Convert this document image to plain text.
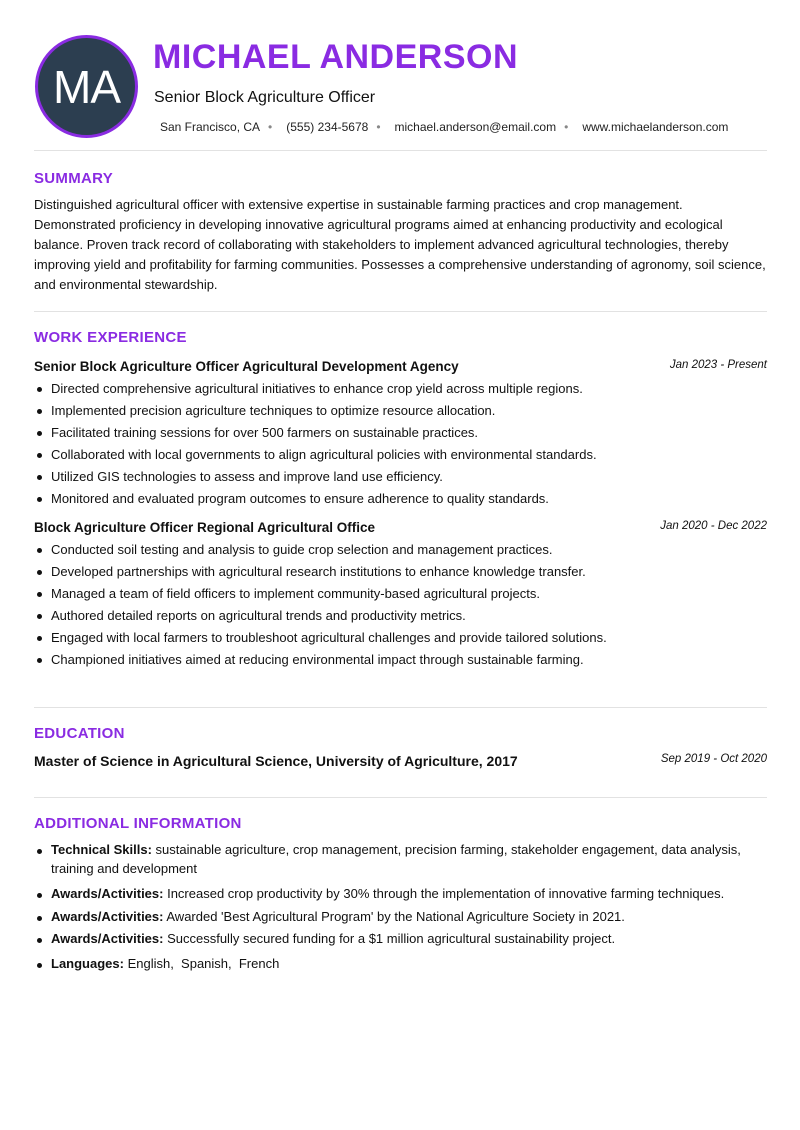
MA
MICHAEL ANDERSON
Senior Block Agriculture Officer
San Francisco, CA • (555) 234-5678 • michael.anderson@email.com • www.michaelanderson.com
SUMMARY

Distinguished agricultural officer with extensive expertise in sustainable farming practices and crop management. Demonstrated proficiency in developing innovative agricultural programs aimed at enhancing productivity and ecological balance. Proven track record of collaborating with stakeholders to implement advanced agricultural technologies, thereby improving yield and profitability for farming communities. Possesses a comprehensive understanding of agronomy, soil science, and environmental stewardship.

WORK EXPERIENCE
Senior Block Agriculture Officer Agricultural Development Agency	Jan 2023 - Present
Directed comprehensive agricultural initiatives to enhance crop yield across multiple regions.
Implemented precision agriculture techniques to optimize resource allocation.
Facilitated training sessions for over 500 farmers on sustainable practices.
Collaborated with local governments to align agricultural policies with environmental standards.
Utilized GIS technologies to assess and improve land use efficiency.
Monitored and evaluated program outcomes to ensure adherence to quality standards.
Block Agriculture Officer Regional Agricultural Office	Jan 2020 - Dec 2022
Conducted soil testing and analysis to guide crop selection and management practices.
Developed partnerships with agricultural research institutions to enhance knowledge transfer.
Managed a team of field officers to implement community-based agricultural projects.
Authored detailed reports on agricultural trends and productivity metrics.
Engaged with local farmers to troubleshoot agricultural challenges and provide tailored solutions.
Championed initiatives aimed at reducing environmental impact through sustainable farming.
EDUCATION
Master of Science in Agricultural Science, University of Agriculture, 2017	Sep 2019 - Oct 2020
ADDITIONAL INFORMATION
Technical Skills: sustainable agriculture, crop management, precision farming, stakeholder engagement, data analysis, training and development
Awards/Activities: Increased crop productivity by 30% through the implementation of innovative farming techniques.
Awards/Activities: Awarded 'Best Agricultural Program' by the National Agriculture Society in 2021.
Awards/Activities: Successfully secured funding for a $1 million agricultural sustainability project.
Languages: English,  Spanish,  French
